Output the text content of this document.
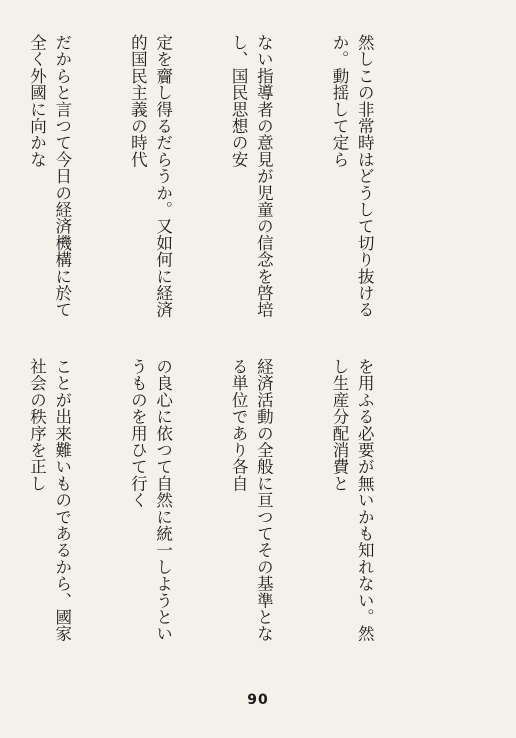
然しこの非常時はどうして切り抜けるか。動揺して定ら

ない指導者の意見が児童の信念を啓培し、国民思想の安

定を齎し得るだらうか。又如何に経済的国民主義の時代

だからと言つて今日の経済機構に於て全く外國に向かな

を用ふる必要が無いかも知れない。然し生産分配消費と

経済活動の全般に亘つてその基準となる単位であり各自

の良心に依つて自然に統一しようというものを用ひて行く

ことが出来難いものであるから、國家社会の秩序を正し

90
